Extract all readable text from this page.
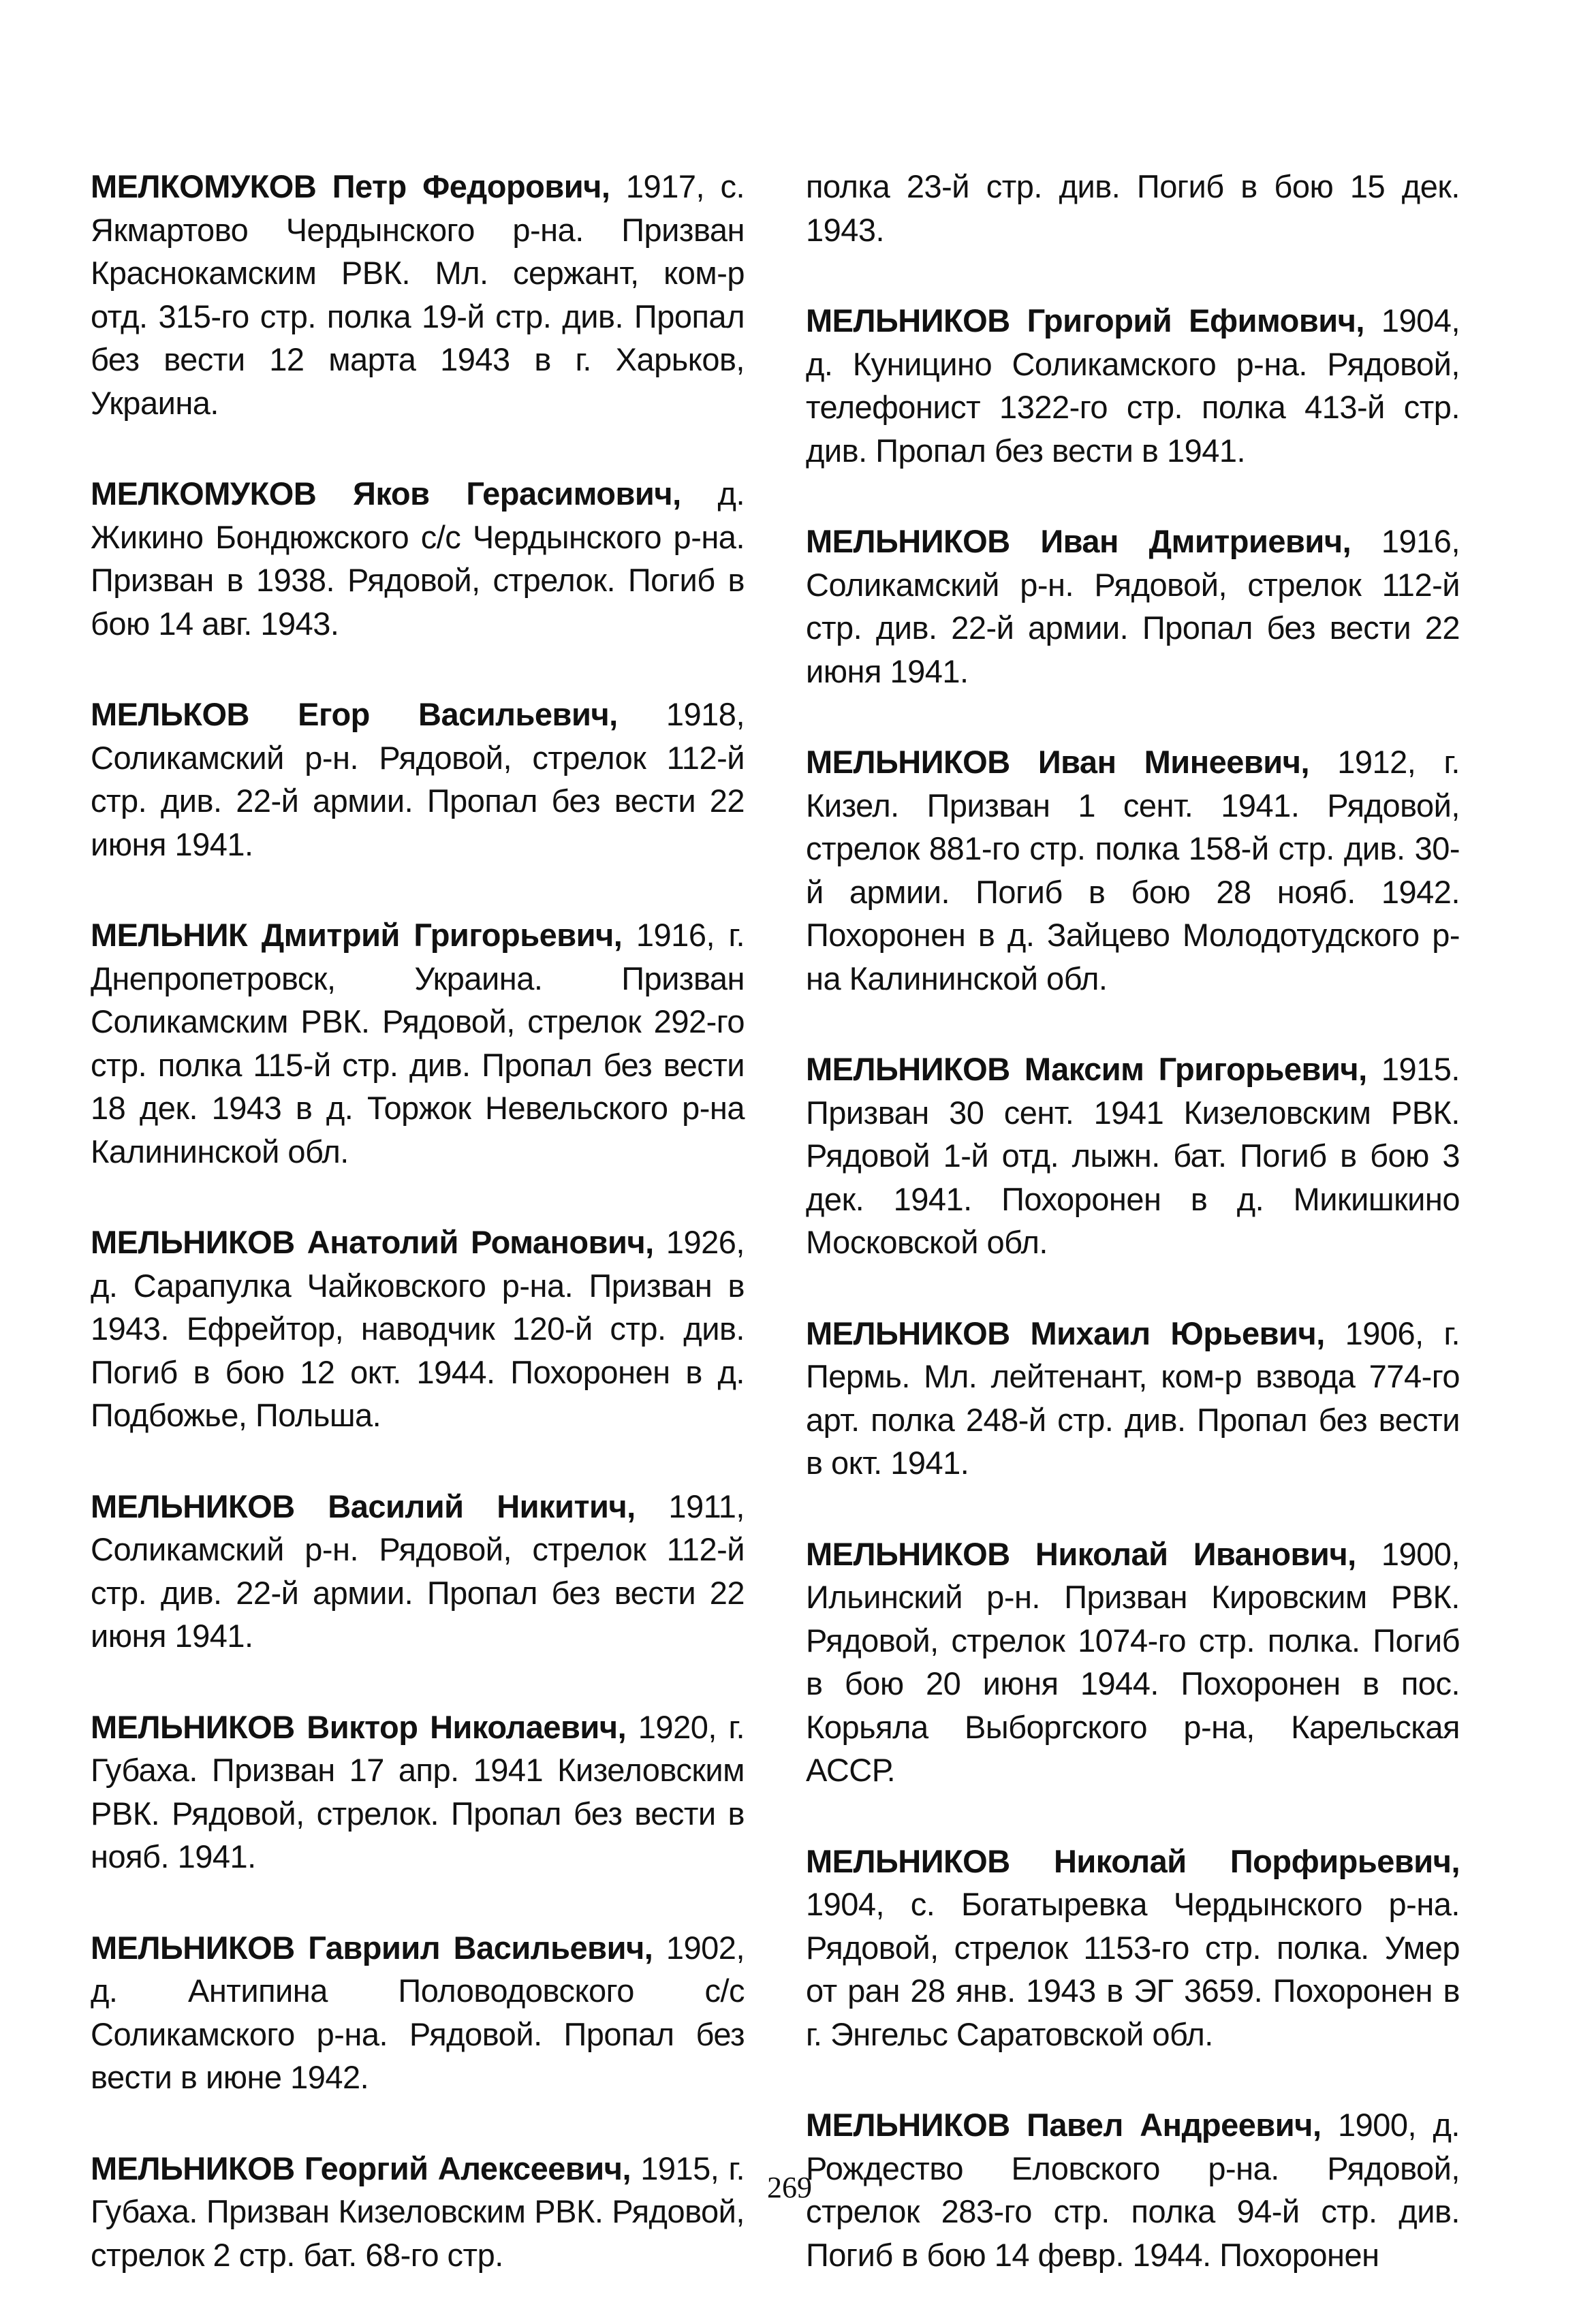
МЕЛКОМУКОВ Петр Федорович, 1917, с. Якмартово Чердынского р-на. Призван Краснокамским РВК. Мл. сержант, ком-р отд. 315-го стр. полка 19-й стр. див. Пропал без вести 12 марта 1943 в г. Харьков, Украина.

МЕЛКОМУКОВ Яков Герасимович, д. Жикино Бондюжского с/с Чердынского р-на. Призван в 1938. Рядовой, стрелок. Погиб в бою 14 авг. 1943.

МЕЛЬКОВ Егор Васильевич, 1918, Соликамский р-н. Рядовой, стрелок 112-й стр. див. 22-й армии. Пропал без вести 22 июня 1941.

МЕЛЬНИК Дмитрий Григорьевич, 1916, г. Днепропетровск, Украина. Призван Соликамским РВК. Рядовой, стрелок 292-го стр. полка 115-й стр. див. Пропал без вести 18 дек. 1943 в д. Торжок Невельского р-на Калининской обл.

МЕЛЬНИКОВ Анатолий Романович, 1926, д. Сарапулка Чайковского р-на. Призван в 1943. Ефрейтор, наводчик 120-й стр. див. Погиб в бою 12 окт. 1944. Похоронен в д. Подбожье, Польша.

МЕЛЬНИКОВ Василий Никитич, 1911, Соликамский р-н. Рядовой, стрелок 112-й стр. див. 22-й армии. Пропал без вести 22 июня 1941.

МЕЛЬНИКОВ Виктор Николаевич, 1920, г. Губаха. Призван 17 апр. 1941 Кизеловским РВК. Рядовой, стрелок. Пропал без вести в нояб. 1941.

МЕЛЬНИКОВ Гавриил Васильевич, 1902, д. Антипина Половодовского с/с Соликамского р-на. Рядовой. Пропал без вести в июне 1942.

МЕЛЬНИКОВ Георгий Алексеевич, 1915, г. Губаха. Призван Кизеловским РВК. Рядовой, стрелок 2 стр. бат. 68-го стр.

полка 23-й стр. див. Погиб в бою 15 дек. 1943.

МЕЛЬНИКОВ Григорий Ефимович, 1904, д. Куницино Соликамского р-на. Рядовой, телефонист 1322-го стр. полка 413-й стр. див. Пропал без вести в 1941.

МЕЛЬНИКОВ Иван Дмитриевич, 1916, Соликамский р-н. Рядовой, стрелок 112-й стр. див. 22-й армии. Пропал без вести 22 июня 1941.

МЕЛЬНИКОВ Иван Минеевич, 1912, г. Кизел. Призван 1 сент. 1941. Рядовой, стрелок 881-го стр. полка 158-й стр. див. 30-й армии. Погиб в бою 28 нояб. 1942. Похоронен в д. Зайцево Молодотудского р-на Калининской обл.

МЕЛЬНИКОВ Максим Григорьевич, 1915. Призван 30 сент. 1941 Кизеловским РВК. Рядовой 1-й отд. лыжн. бат. Погиб в бою 3 дек. 1941. Похоронен в д. Микишкино Московской обл.

МЕЛЬНИКОВ Михаил Юрьевич, 1906, г. Пермь. Мл. лейтенант, ком-р взвода 774-го арт. полка 248-й стр. див. Пропал без вести в окт. 1941.

МЕЛЬНИКОВ Николай Иванович, 1900, Ильинский р-н. Призван Кировским РВК. Рядовой, стрелок 1074-го стр. полка. Погиб в бою 20 июня 1944. Похоронен в пос. Корьяла Выборгского р-на, Карельская АССР.

МЕЛЬНИКОВ Николай Порфирьевич, 1904, с. Богатыревка Чердынского р-на. Рядовой, стрелок 1153-го стр. полка. Умер от ран 28 янв. 1943 в ЭГ 3659. Похоронен в г. Энгельс Саратовской обл.

МЕЛЬНИКОВ Павел Андреевич, 1900, д. Рождество Еловского р-на. Рядовой, стрелок 283-го стр. полка 94-й стр. див. Погиб в бою 14 февр. 1944. Похоронен

269
